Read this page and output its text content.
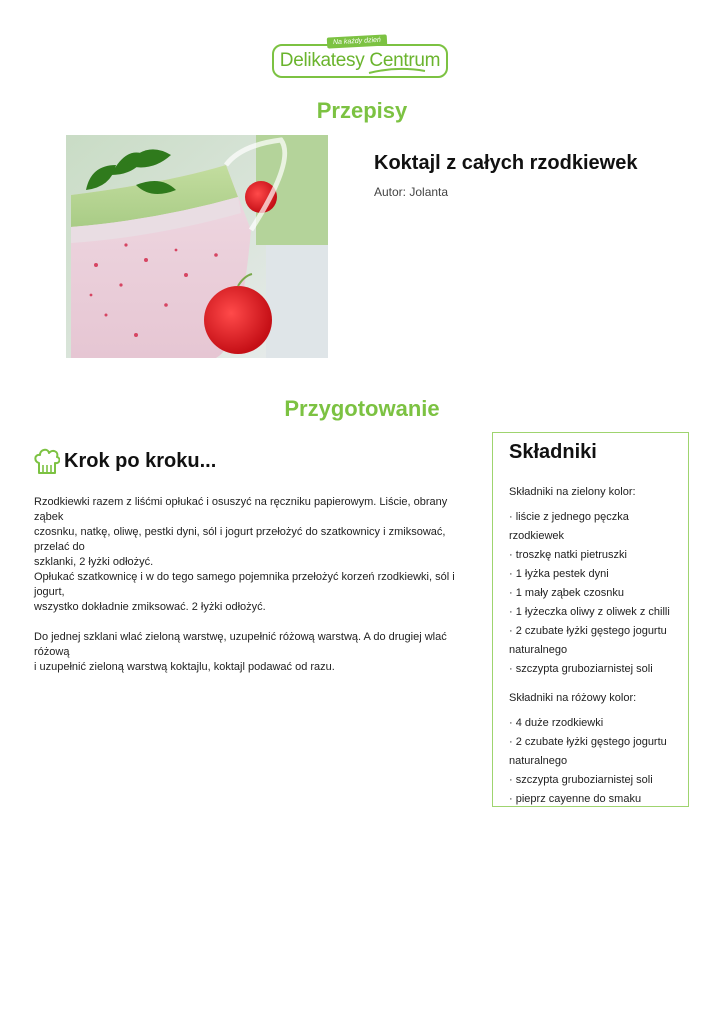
Na każdy dzień
Delikatesy Centrum
Przepisy
Koktajl z całych rzodkiewek
Autor: Jolanta
Przygotowanie
Krok po kroku...

Rzodkiewki razem z liśćmi opłukać i osuszyć na ręczniku papierowym. Liście, obrany ząbek

czosnku, natkę, oliwę, pestki dyni, sól i jogurt przełożyć do szatkownicy i zmiksować, przelać do

szklanki, 2 łyżki odłożyć.

Opłukać szatkownicę i w do tego samego pojemnika przełożyć korzeń rzodkiewki, sól i jogurt,

wszystko dokładnie zmiksować. 2 łyżki odłożyć.

Do jednej szklani wlać zieloną warstwę, uzupełnić różową warstwą. A do drugiej wlać różową

i uzupełnić zieloną warstwą koktajlu, koktajl podawać od razu.

Składniki
Składniki na zielony kolor:
· liście z jednego pęczka
rzodkiewek
· troszkę natki pietruszki
· 1 łyżka pestek dyni
· 1 mały ząbek czosnku
· 1 łyżeczka oliwy z oliwek z chilli
· 2 czubate łyżki gęstego jogurtu
naturalnego
· szczypta gruboziarnistej soli
Składniki na różowy kolor:
· 4 duże rzodkiewki
· 2 czubate łyżki gęstego jogurtu
naturalnego
· szczypta gruboziarnistej soli
· pieprz cayenne do smaku
